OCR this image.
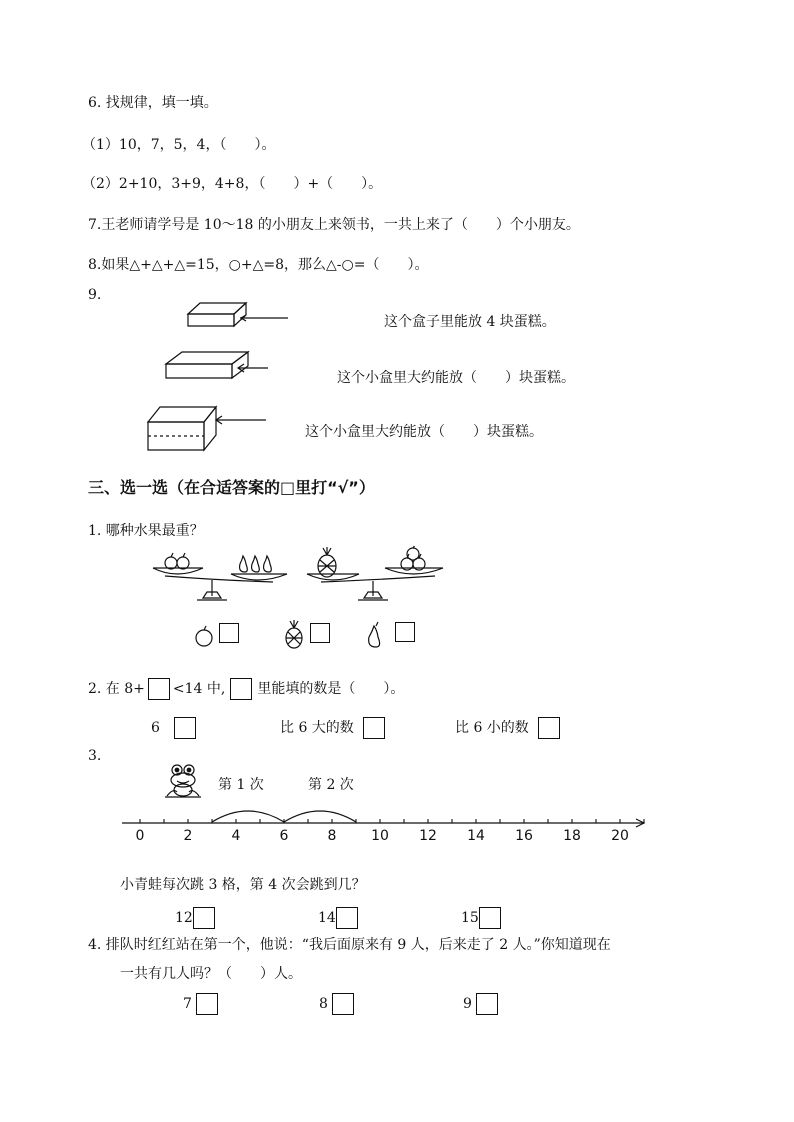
6. 找规律，填一填。
（1）10，7，5，4，（　　）。
（2）2+10，3+9，4+8，（　　）+（　　）。
7.王老师请学号是 10～18 的小朋友上来领书，一共上来了（　　）个小朋友。
8.如果△+△+△=15，○+△=8，那么△-○=（　　）。
9.
这个盒子里能放 4 块蛋糕。
这个小盒里大约能放（　　）块蛋糕。
这个小盒里大约能放（　　）块蛋糕。
三、选一选（在合适答案的□里打“√”）
1. 哪种水果最重？
2. 在 8+ <14 中, 里能填的数是（　　）。
6	比 6 大的数	比 6 小的数
3.
第 1 次	第 2 次
0	2	4	6	8 10 12 14 16 18 20
小青蛙每次跳 3 格，第 4 次会跳到几？
12	14	15
4. 排队时红红站在第一个，他说：“我后面原来有 9 人，后来走了 2 人。”你知道现在
一共有几人吗？（　　）人。
7	8	9
